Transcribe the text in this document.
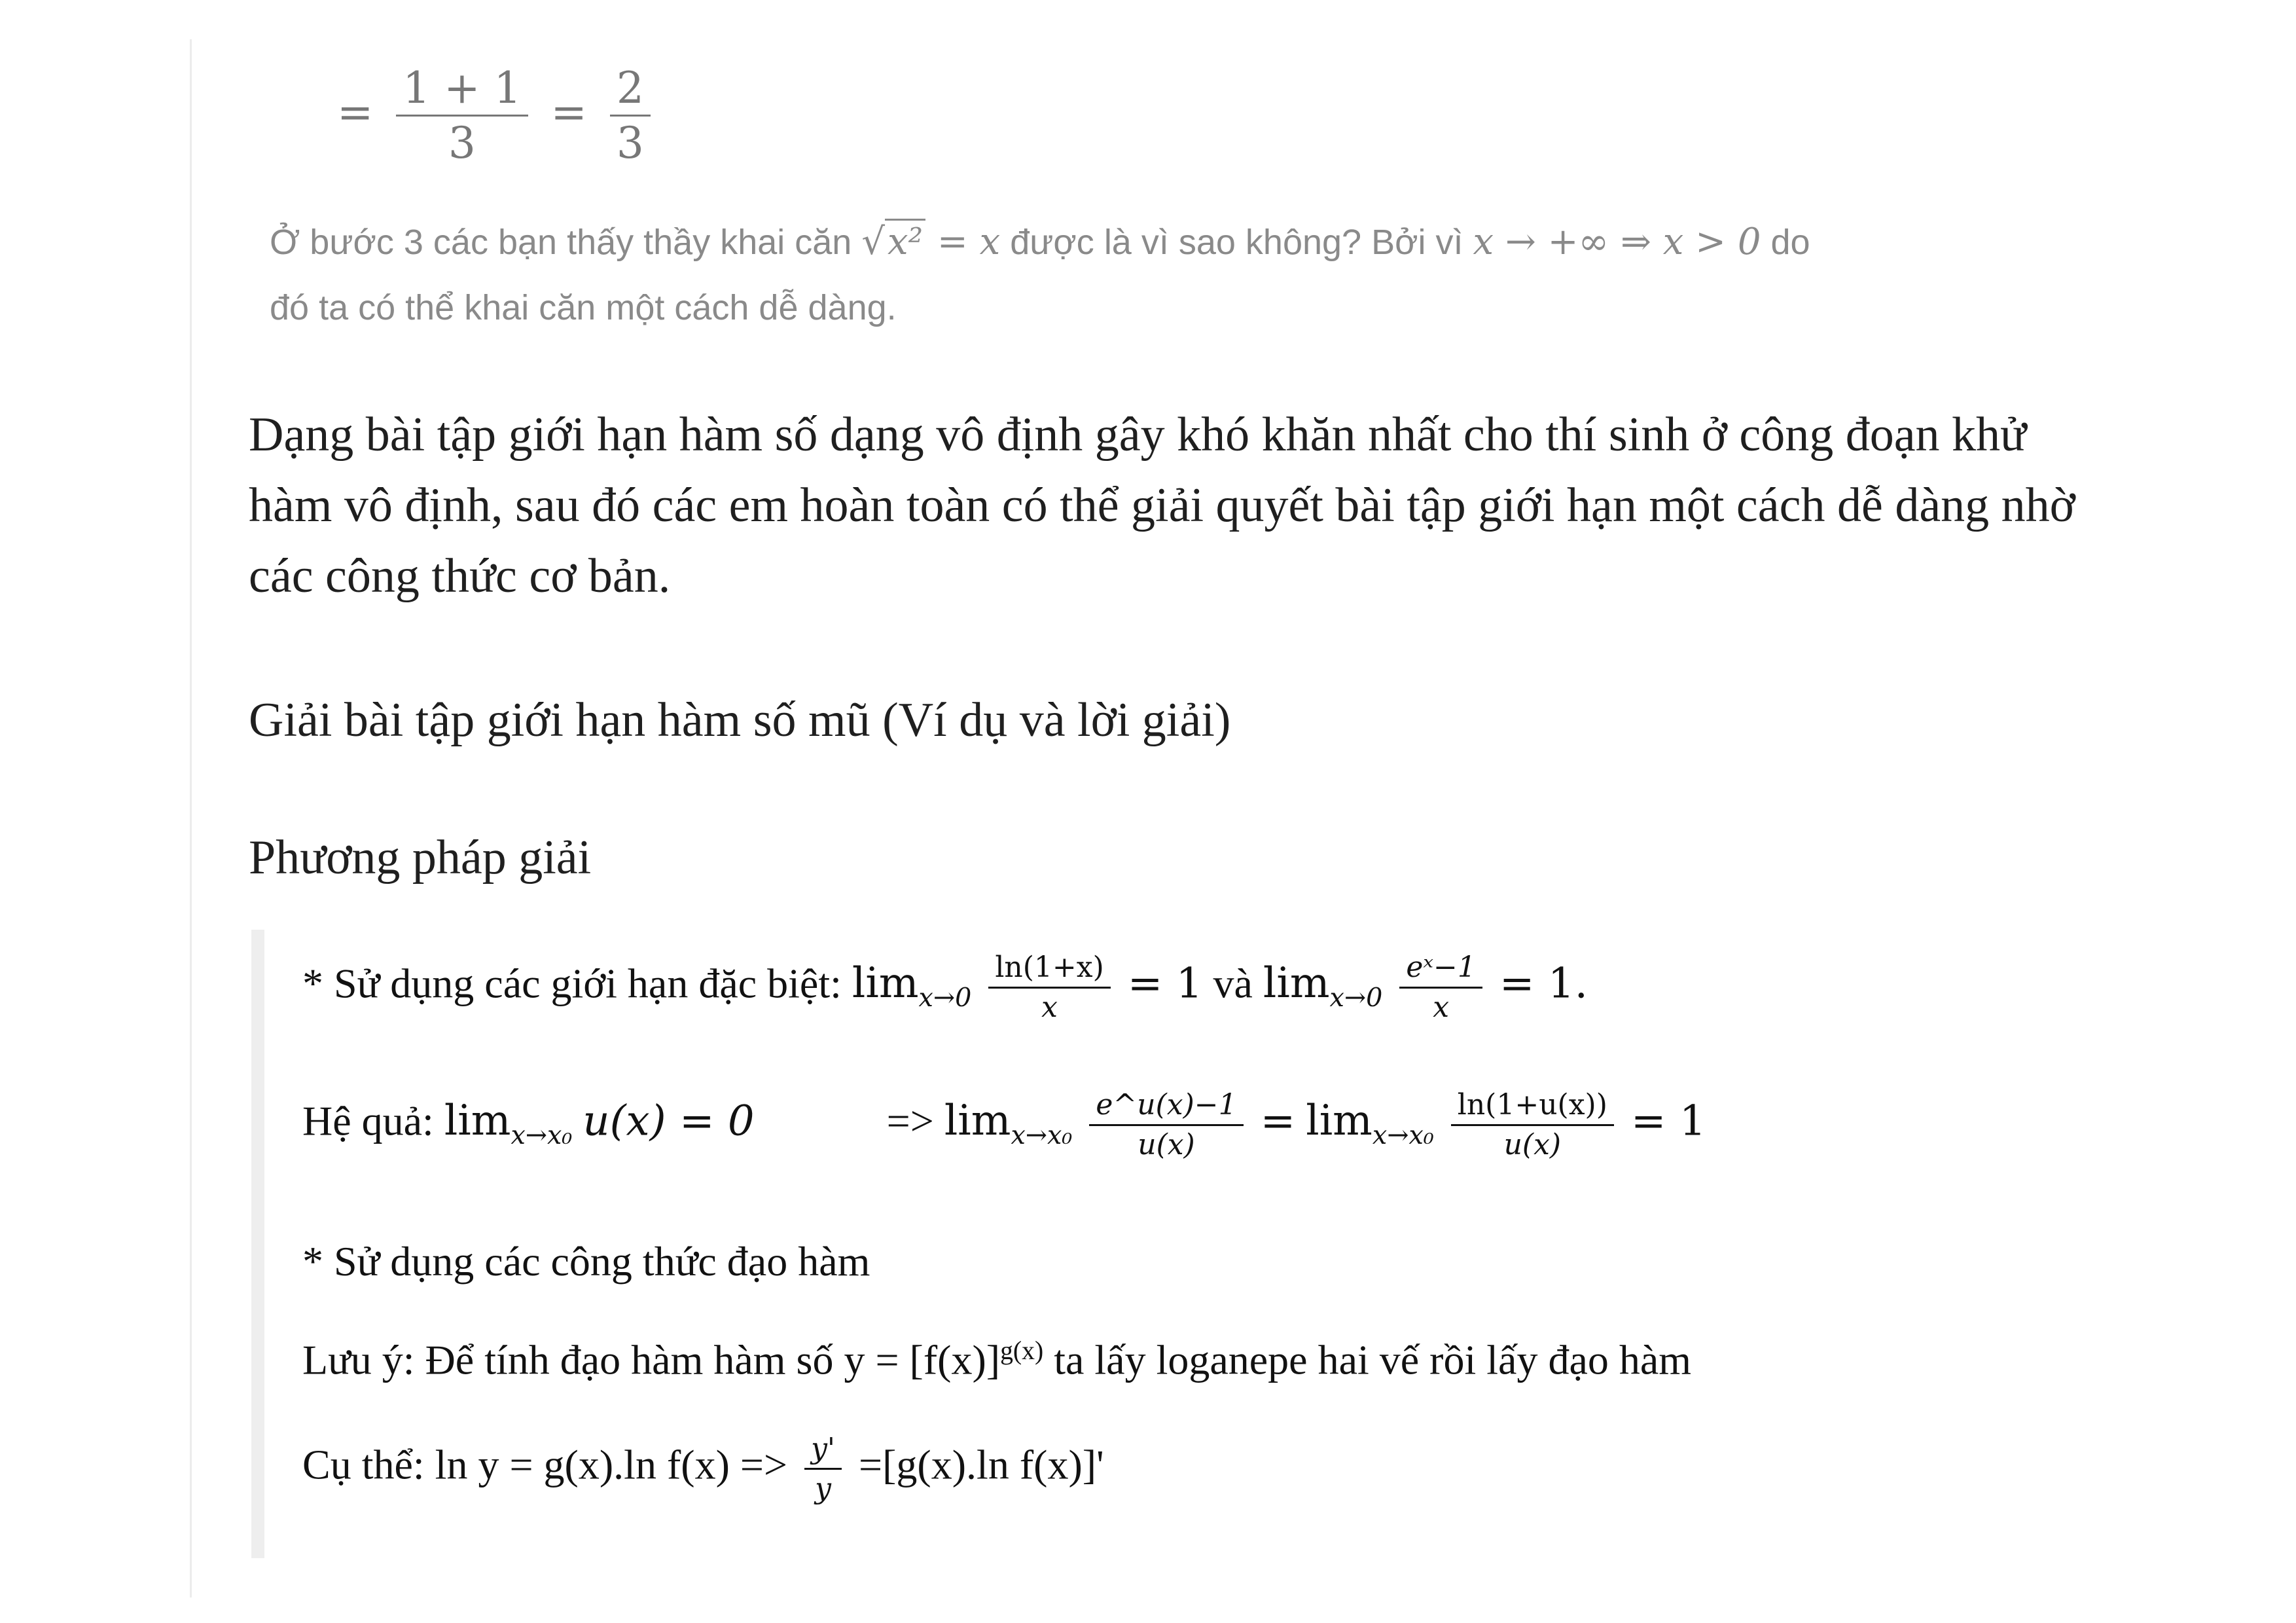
= $\frac{1 + 1}{3} = \frac{2}{3}$
Ở bước 3 các bạn thấy thầy khai căn √x² = x được là vì sao không? Bởi vì x → +∞ ⇒ x > 0 do
đó ta có thể khai căn một cách dễ dàng.
Dạng bài tập giới hạn hàm số dạng vô định gây khó khăn nhất cho thí sinh ở công đoạn khử hàm vô định, sau đó các em hoàn toàn có thể giải quyết bài tập giới hạn một cách dễ dàng nhờ các công thức cơ bản.
Giải bài tập giới hạn hàm số mũ (Ví dụ và lời giải)
Phương pháp giải
* Sử dụng các giới hạn đặc biệt: $\lim_{x\to 0} \frac{\ln(1+x)}{x} = 1$ và $\lim_{x\to 0} \frac{\text{eˣ−1}}{x} = 1$.
Hệ quả: $\lim_{x\to x_0} u(x) = 0$	=> $\lim_{x\to x_0} \frac{e\^{}u(x)-1}{u(x)} = \lim_{x\to x_0} \frac{\ln(1+u(x))}{u(x)} = 1$
* Sử dụng các công thức đạo hàm
Lưu ý: Để tính đạo hàm hàm số $y = [f(x)]^{g(x)}$ ta lấy loganepe hai vế rồi lấy đạo hàm
Cụ thể: ln y = g(x).ln $f(x) => \frac{y'}{y} =[g(x).\ln$ f(x)]'
